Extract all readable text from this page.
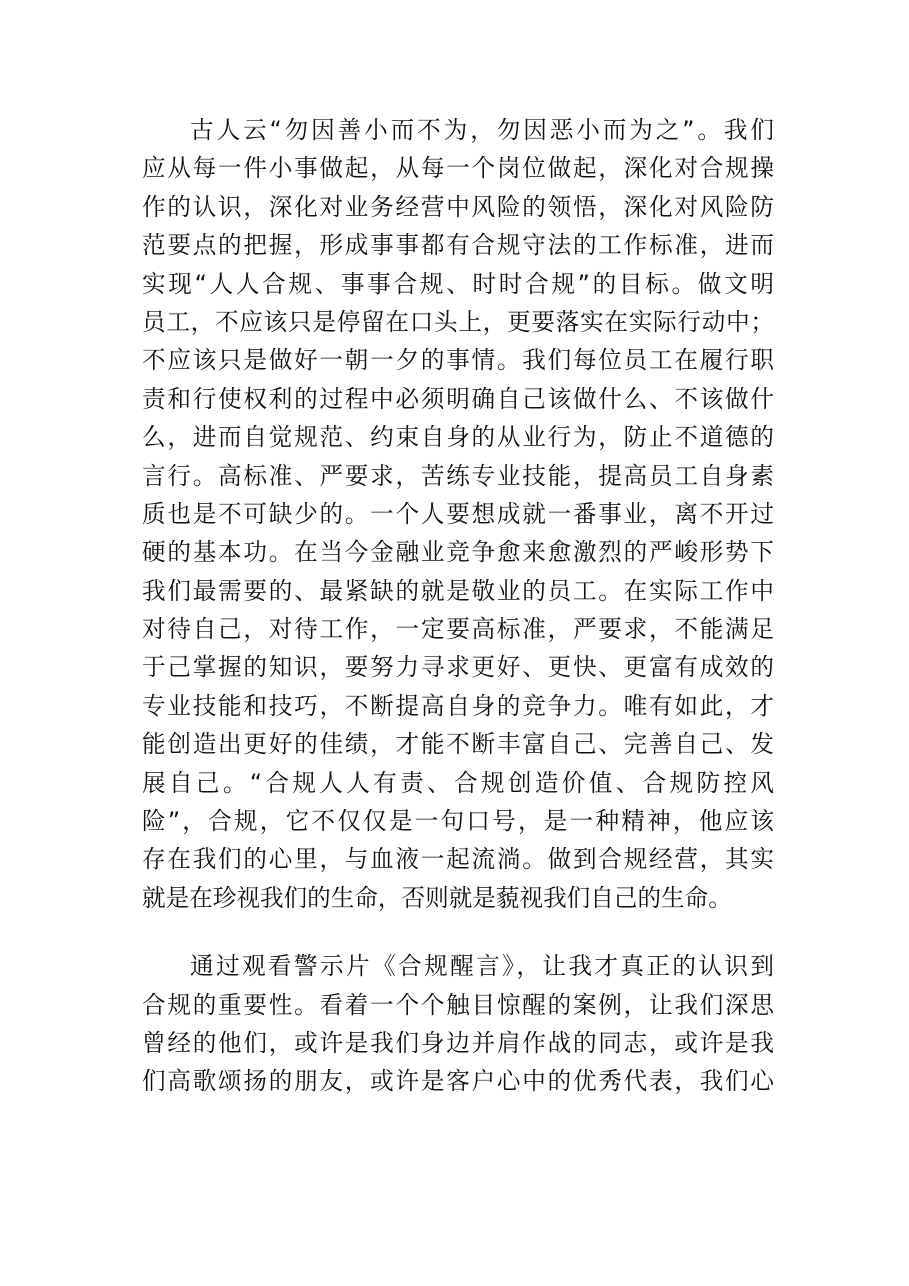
古人云“勿因善小而不为，勿因恶小而为之”。我们
应从每一件小事做起，从每一个岗位做起，深化对合规操
作的认识，深化对业务经营中风险的领悟，深化对风险防
范要点的把握，形成事事都有合规守法的工作标准，进而
实现“人人合规、事事合规、时时合规”的目标。做文明
员工，不应该只是停留在口头上，更要落实在实际行动中；
不应该只是做好一朝一夕的事情。我们每位员工在履行职
责和行使权利的过程中必须明确自己该做什么、不该做什
么，进而自觉规范、约束自身的从业行为，防止不道德的
言行。高标准、严要求，苦练专业技能，提高员工自身素
质也是不可缺少的。一个人要想成就一番事业，离不开过
硬的基本功。在当今金融业竞争愈来愈激烈的严峻形势下
我们最需要的、最紧缺的就是敬业的员工。在实际工作中
对待自己，对待工作，一定要高标准，严要求，不能满足
于己掌握的知识，要努力寻求更好、更快、更富有成效的
专业技能和技巧，不断提高自身的竞争力。唯有如此，才
能创造出更好的佳绩，才能不断丰富自己、完善自己、发
展自己。“合规人人有责、合规创造价值、合规防控风
险”，合规，它不仅仅是一句口号，是一种精神，他应该
存在我们的心里，与血液一起流淌。做到合规经营，其实
就是在珍视我们的生命，否则就是藐视我们自己的生命。
通过观看警示片《合规醒言》，让我才真正的认识到
合规的重要性。看着一个个触目惊醒的案例，让我们深思
曾经的他们，或许是我们身边并肩作战的同志，或许是我
们高歌颂扬的朋友，或许是客户心中的优秀代表，我们心
